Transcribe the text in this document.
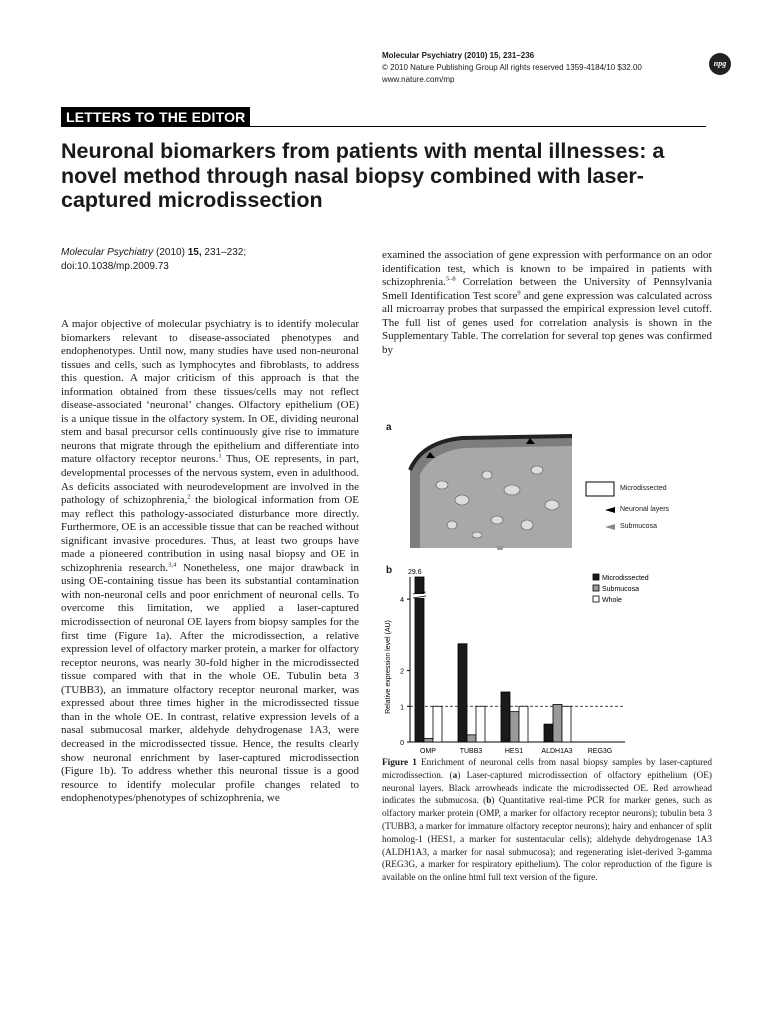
Molecular Psychiatry (2010) 15, 231–236
© 2010 Nature Publishing Group All rights reserved 1359-4184/10 $32.00
www.nature.com/mp
npg
LETTERS TO THE EDITOR
Neuronal biomarkers from patients with mental illnesses: a novel method through nasal biopsy combined with laser-captured microdissection
Molecular Psychiatry (2010) 15, 231–232;
doi:10.1038/mp.2009.73

A major objective of molecular psychiatry is to identify molecular biomarkers relevant to disease-associated phenotypes and endophenotypes. Until now, many studies have used non-neuronal tissues and cells, such as lymphocytes and fibroblasts, to address this question. A major criticism of this approach is that the information obtained from these tissues/cells may not reflect disease-associated ‘neuronal’ changes. Olfactory epithelium (OE) is a unique tissue in the olfactory system. In OE, dividing neuronal stem and basal precursor cells continuously give rise to immature neurons that migrate through the epithelium and differentiate into mature olfactory receptor neurons.$^1$ Thus, OE represents, in part, developmental processes of the nervous system, even in adulthood. As deficits associated with neurodevelopment are involved in the pathology of schizophrenia,$^2$ the biological information from OE may reflect this pathology-associated disturbance more directly. Furthermore, OE is an accessible tissue that can be reached without significant invasive procedures. Thus, at least two groups have made a pioneered contribution in using nasal biopsy and OE in schizophrenia research.$^{3,4}$ Nonetheless, one major drawback in using OE-containing tissue has been its substantial contamination with non-neuronal cells and poor enrichment of neuronal cells. To overcome this limitation, we applied a laser-captured microdissection of neuronal OE layers from biopsy samples for the first time (Figure 1a). After the microdissection, a relative expression level of olfactory marker protein, a marker for olfactory receptor neurons, was nearly 30-fold higher in the microdissected tissue compared with that in the whole OE. Tubulin beta 3 (TUBB3), an immature olfactory receptor neuronal marker, was expressed about three times higher in the microdissected tissue than in the whole OE. In contrast, relative expression levels of a nasal submucosal marker, aldehyde dehydrogenase 1A3, were decreased in the microdissected tissue. Hence, the results clearly show neuronal enrichment by laser-captured microdissection (Figure 1b). To address whether this neuronal tissue is a good resource to identify molecular profile changes related to endophenotypes/phenotypes of schizophrenia, we

examined the association of gene expression with performance on an odor identification test, which is known to be impaired in patients with schizophrenia.$^{5-8}$ Correlation between the University of Pennsylvania Smell Identification Test score$^9$ and gene expression was calculated across all microarray probes that surpassed the empirical expression level cutoff. The full list of genes used for correlation analysis is shown in the Supplementary Table. The correlation for several top genes was confirmed by

a
Microdissected
Neuronal layers
Submucosa
b
0
1
2
4
29.6
Relative expression level (AU)
OMP	TUBB3	HES1	ALDH1A3 REG3G
Microdissected
Submucosa
Whole

Figure 1 Enrichment of neuronal cells from nasal biopsy samples by laser-captured microdissection. (a) Laser-captured microdissection of olfactory epithelium (OE) neuronal layers. Black arrowheads indicate the microdissected OE. Red arrowhead indicates the submucosa. (b) Quantitative real-time PCR for marker genes, such as olfactory marker protein (OMP, a marker for olfactory receptor neurons); tubulin beta 3 (TUBB3, a marker for immature olfactory receptor neurons); hairy and enhancer of split homolog-1 (HES1, a marker for sustentacular cells); aldehyde dehydrogenase 1A3 (ALDH1A3, a marker for nasal submucosa); and regenerating islet-derived 3-gamma (REG3G, a marker for respiratory epithelium). The color reproduction of the figure is available on the online html full text version of the figure.
